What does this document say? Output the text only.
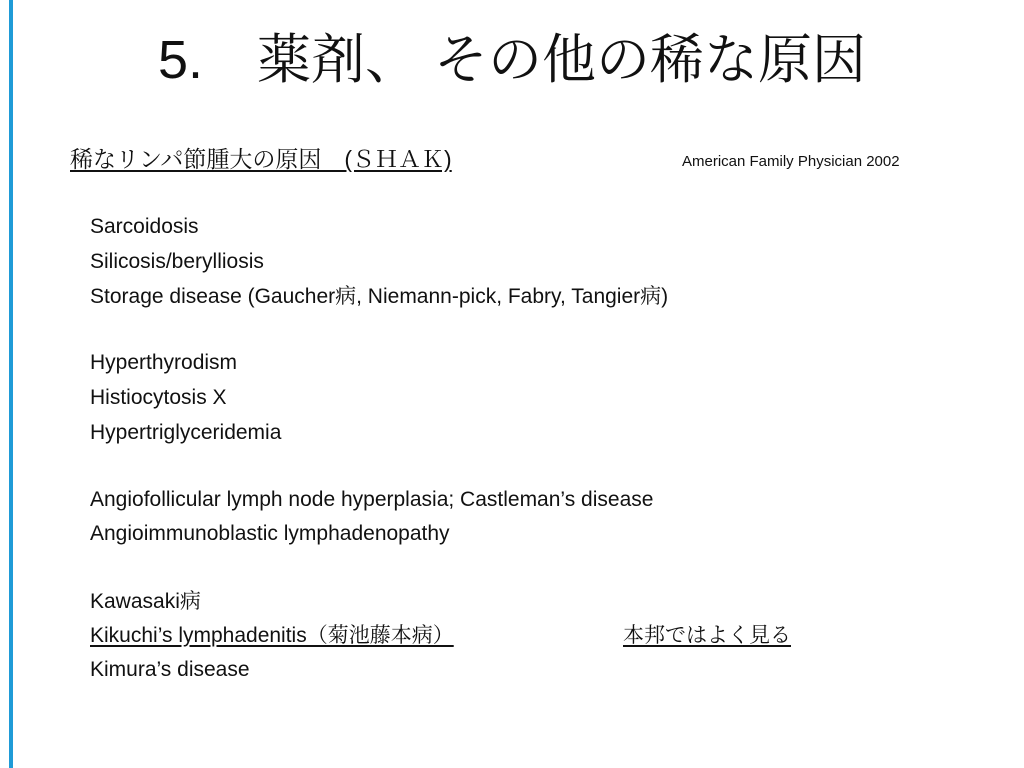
5.　薬剤、 その他の稀な原因
稀なリンパ節腫大の原因　(ＳＨＡＫ)	American Family Physician 2002
Sarcoidosis
Silicosis/berylliosis
Storage disease (Gaucher病, Niemann-pick, Fabry, Tangier病)
Hyperthyrodism
Histiocytosis X
Hypertriglyceridemia
Angiofollicular lymph node hyperplasia; Castleman’s disease
Angioimmunoblastic lymphadenopathy
Kawasaki病
Kikuchi’s lymphadenitis（菊池藤本病）	本邦ではよく見る
Kimura’s disease
